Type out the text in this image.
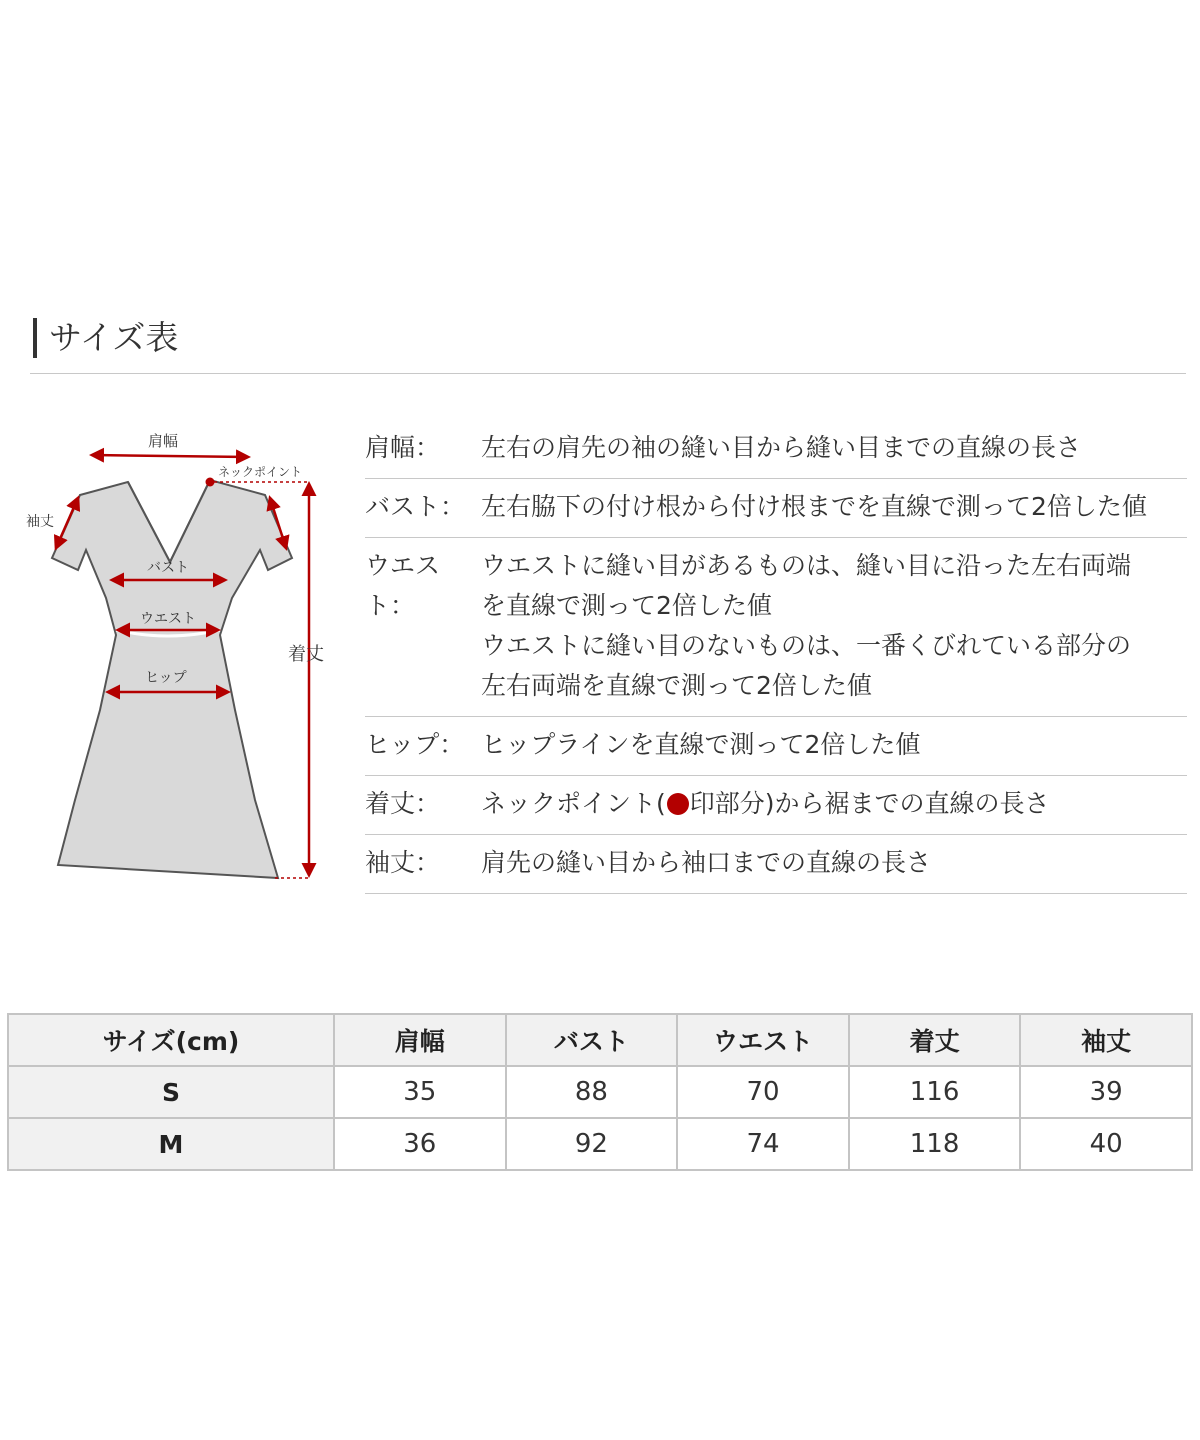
サイズ表
肩幅
ネックポイント
袖丈
バスト
ウエスト
ヒップ
着丈
肩幅：	左右の肩先の袖の縫い目から縫い目までの直線の長さ
バスト： 左右脇下の付け根から付け根までを直線で測って2倍した値
ウエスト：
ウエストに縫い目があるものは、縫い目に沿った左右両端
を直線で測って2倍した値
ウエストに縫い目のないものは、一番くびれている部分の
左右両端を直線で測って2倍した値
ヒップ： ヒップラインを直線で測って2倍した値
着丈：	ネックポイント( 印部分)から裾までの直線の長さ
袖丈：	肩先の縫い目から袖口までの直線の長さ
サイズ(cm)	肩幅	バスト	ウエスト	着丈	袖丈
S	35	88	70	116	39
M	36	92	74	118	40
